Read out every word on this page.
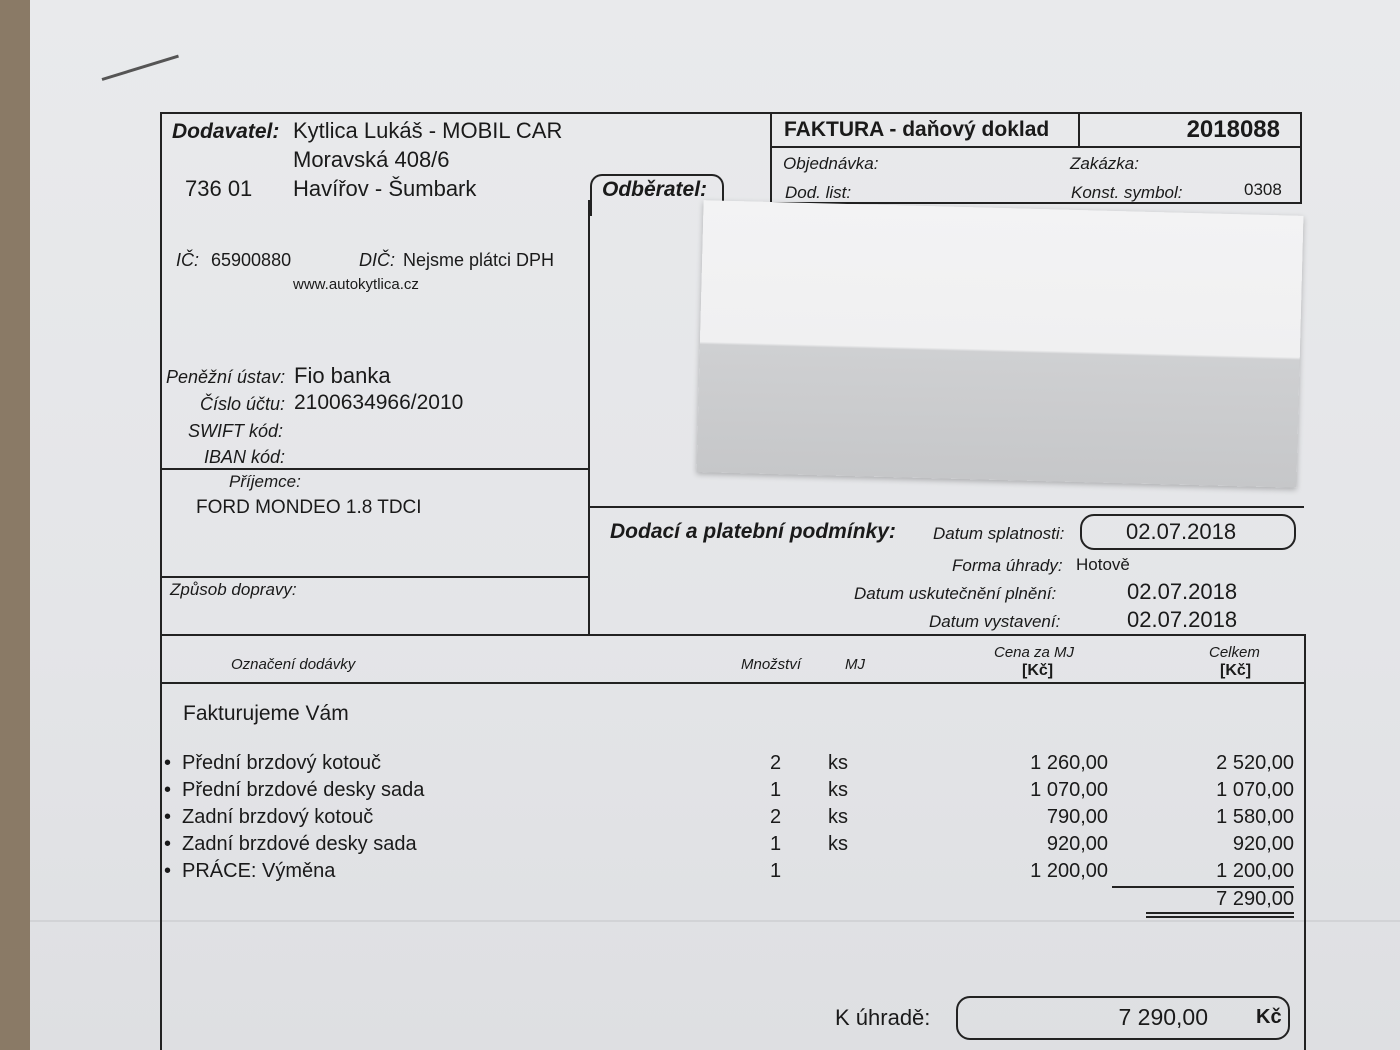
Odběratel:
Dodavatel: Kytlica Lukáš - MOBIL CAR
Moravská 408/6
736 01 Havířov - Šumbark
IČ: 65900880	DIČ: Nejsme plátci DPH
www.autokytlica.cz
Peněžní ústav: Fio banka
Číslo účtu: 2100634966/2010
SWIFT kód:
IBAN kód:
Příjemce:
FORD MONDEO 1.8 TDCI
Způsob dopravy:
FAKTURA - daňový doklad	2018088
Objednávka:	Zakázka:
Dod. list:	Konst. symbol:	0308
Dodací a platební podmínky: Datum splatnosti:	02.07.2018
Forma úhrady: Hotově
Datum uskutečnění plnění:	02.07.2018
Datum vystavení:	02.07.2018
Označení dodávky	Množství	MJ
Cena za MJ
[Kč]
Celkem
[Kč]
Fakturujeme Vám
• Přední brzdový kotouč	2 ks	1 260,00	2 520,00
• Přední brzdové desky sada	1 ks	1 070,00	1 070,00
• Zadní brzdový kotouč	2 ks	790,00	1 580,00
• Zadní brzdové desky sada	1 ks	920,00	920,00
• PRÁCE: Výměna	1	1 200,00	1 200,00
7 290,00
K úhradě:	7 290,00 Kč
